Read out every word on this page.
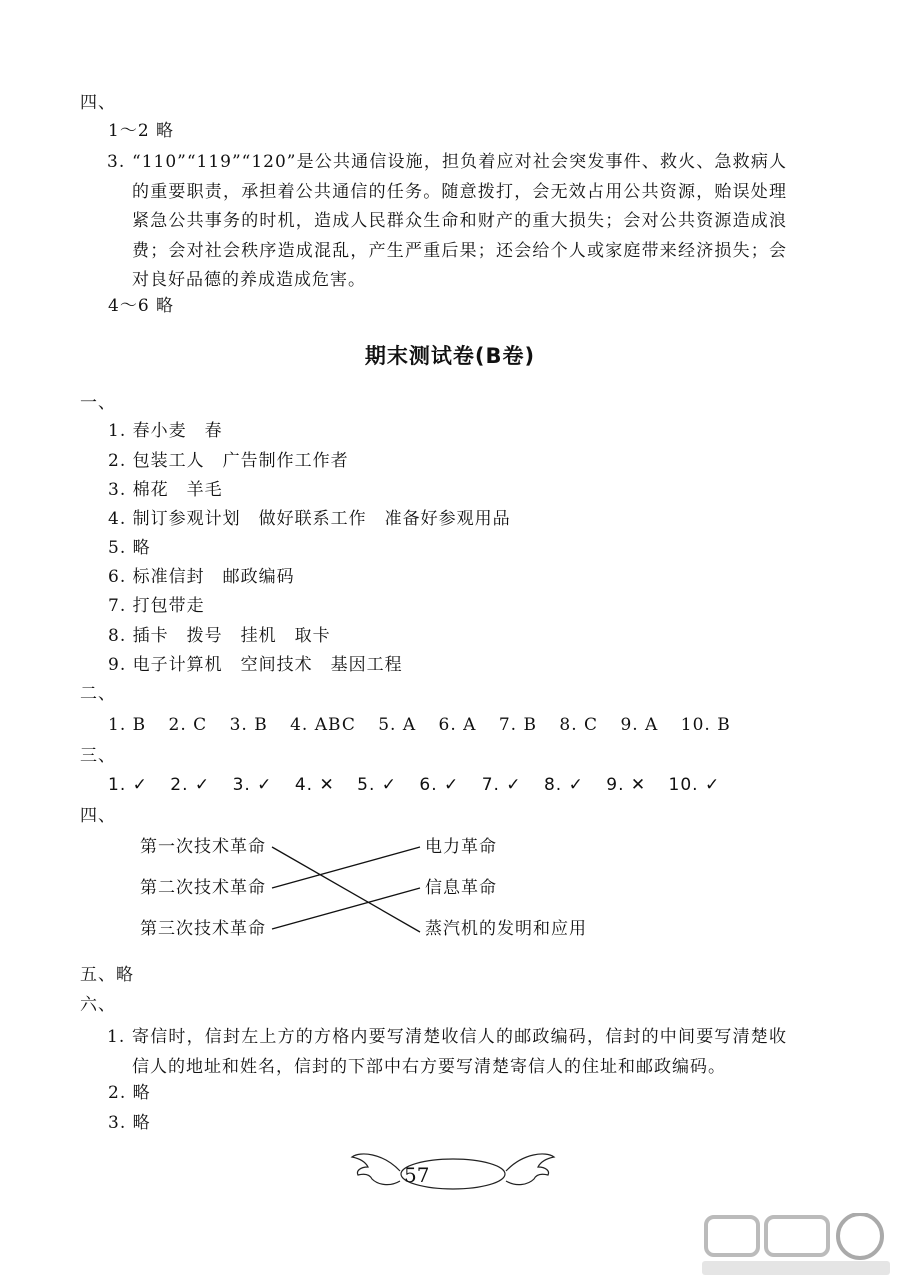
四、
1～2 略
3. “110”“119”“120”是公共通信设施，担负着应对社会突发事件、救火、急救病人的重要职责，承担着公共通信的任务。随意拨打，会无效占用公共资源，贻误处理紧急公共事务的时机，造成人民群众生命和财产的重大损失；会对公共资源造成浪费；会对社会秩序造成混乱，产生严重后果；还会给个人或家庭带来经济损失；会对良好品德的养成造成危害。
4～6 略
期末测试卷(B卷)
一、
1. 春小麦　春
2. 包装工人　广告制作工作者
3. 棉花　羊毛
4. 制订参观计划　做好联系工作　准备好参观用品
5. 略
6. 标准信封　邮政编码
7. 打包带走
8. 插卡　拨号　挂机　取卡
9. 电子计算机　空间技术　基因工程
二、
1. B 2. C 3. B 4. ABC 5. A 6. A 7. B 8. C 9. A 10. B
三、
1. ✓ 2. ✓ 3. ✓ 4. ✕ 5. ✓ 6. ✓ 7. ✓ 8. ✓ 9. ✕ 10. ✓
四、
第一次技术革命
第二次技术革命
第三次技术革命
电力革命
信息革命
蒸汽机的发明和应用
五、略
六、
1. 寄信时，信封左上方的方格内要写清楚收信人的邮政编码，信封的中间要写清楚收信人的地址和姓名，信封的下部中右方要写清楚寄信人的住址和邮政编码。
2. 略
3. 略
57
